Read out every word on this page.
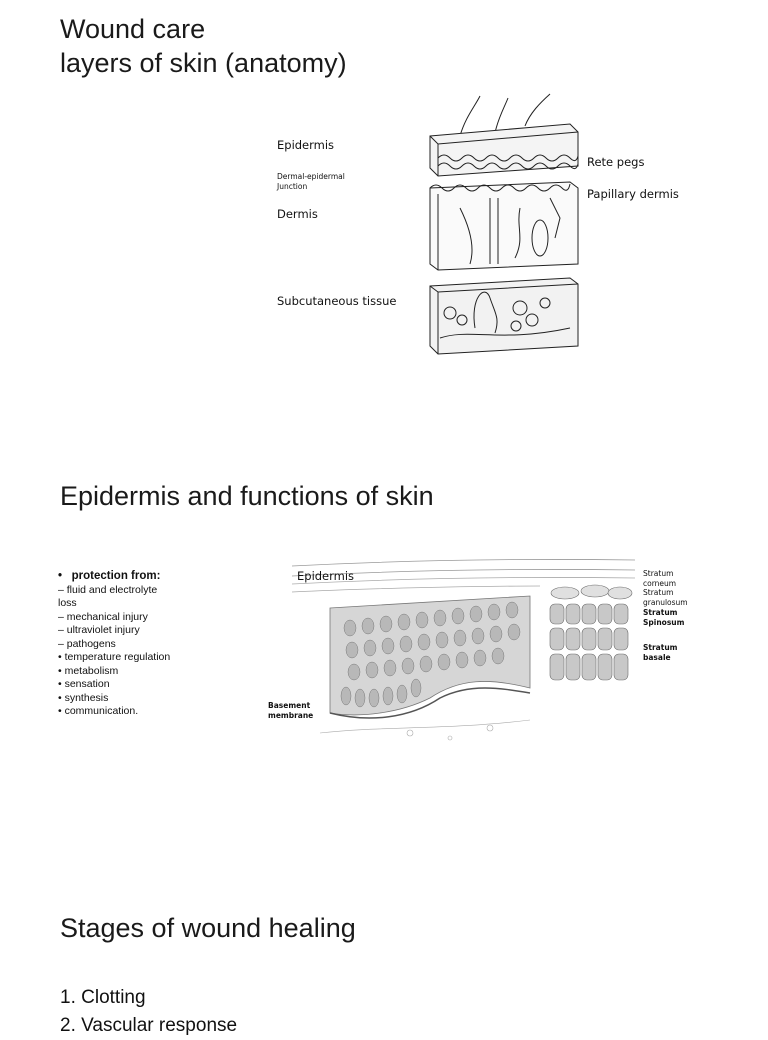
Wound care
layers of skin (anatomy)
Epidermis
Dermal-epidermal
Junction
Dermis
Subcutaneous tissue
Rete pegs
Papillary dermis
Epidermis and functions of skin
•   protection from:
– fluid and electrolyte
loss
– mechanical injury
– ultraviolet injury
– pathogens
• temperature regulation
• metabolism
• sensation
• synthesis
• communication.
Epidermis
Basement
membrane
Stratum
corneum
Stratum
granulosum
Stratum
Spinosum
Stratum
basale
Stages of wound healing
1. Clotting
2. Vascular response
